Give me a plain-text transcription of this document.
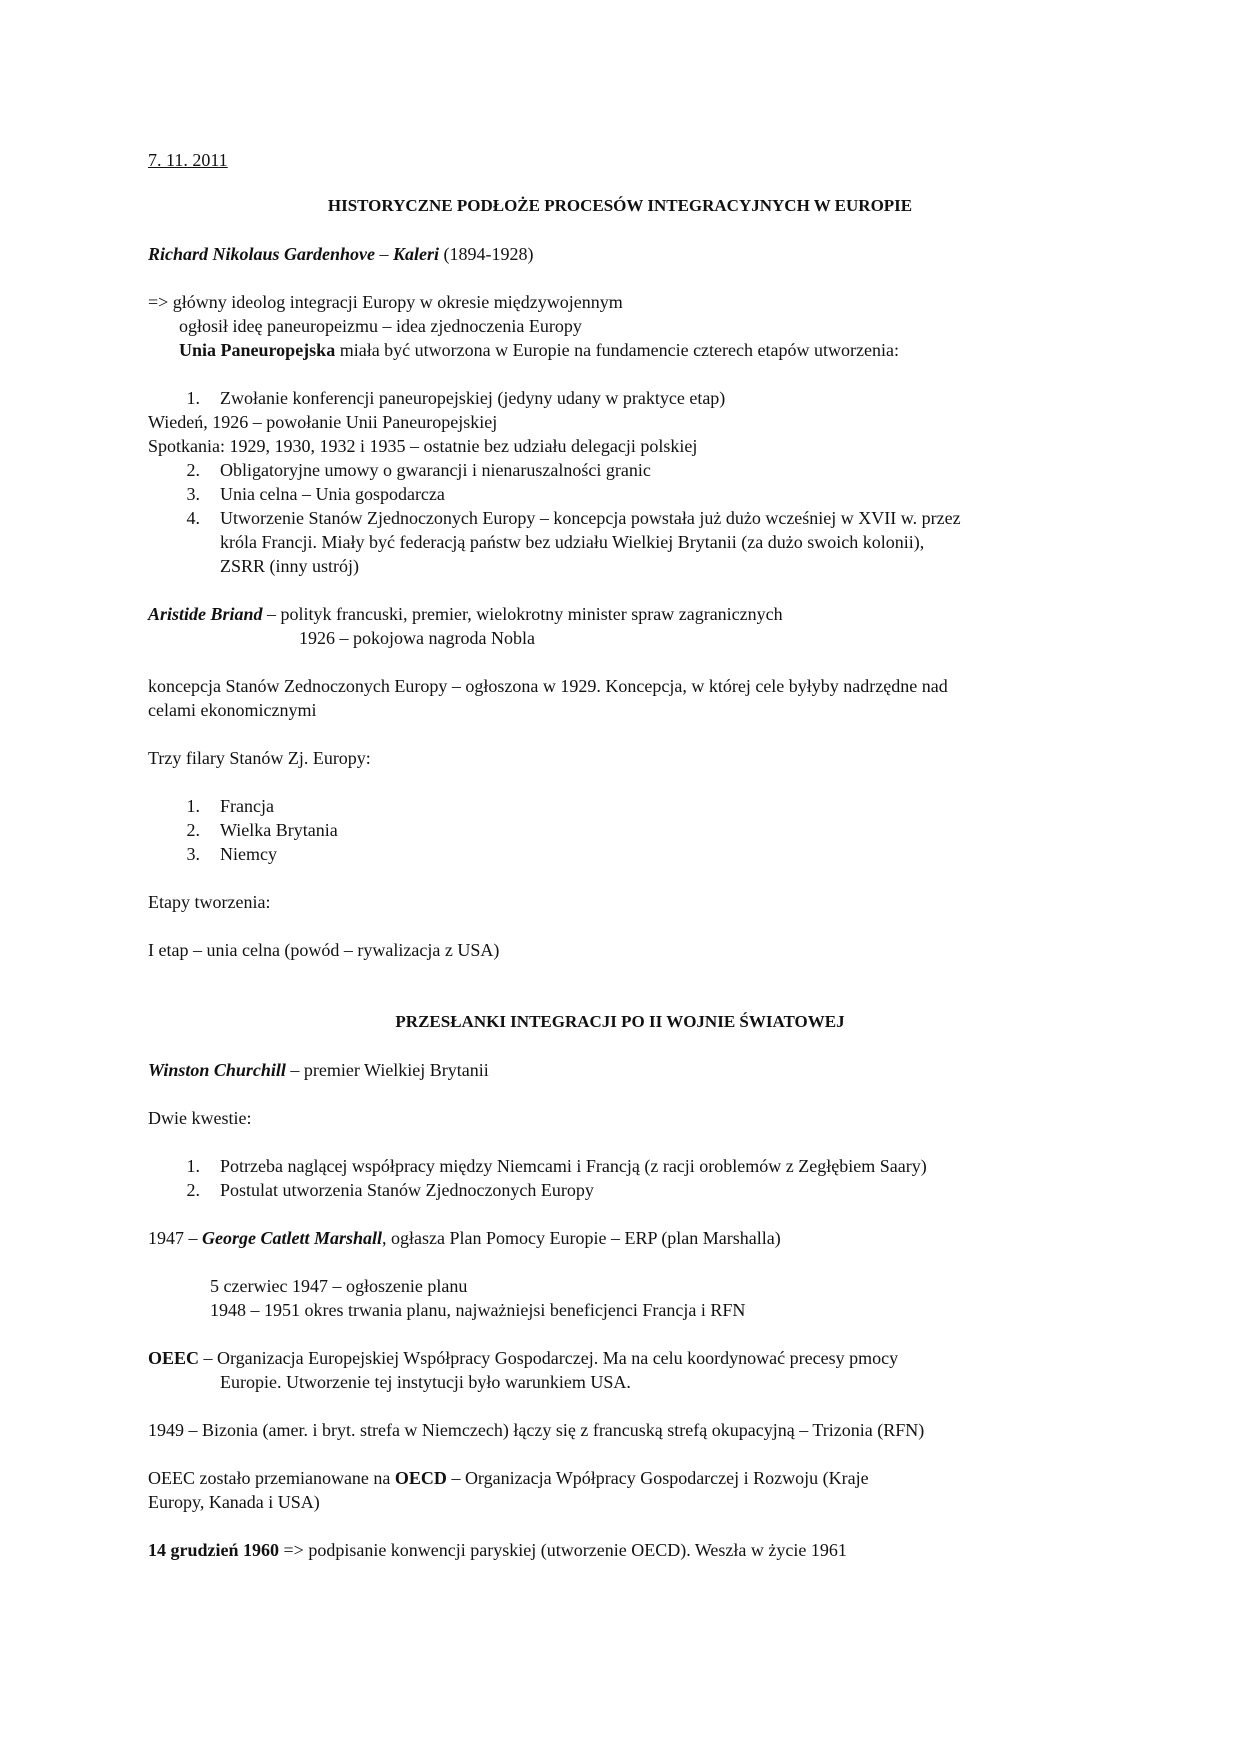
7. 11. 2011
HISTORYCZNE PODŁOŻE PROCESÓW INTEGRACYJNYCH W EUROPIE
Richard Nikolaus Gardenhove – Kaleri (1894-1928)
=> główny ideolog integracji Europy w okresie międzywojennym
ogłosił ideę paneuropeizmu – idea zjednoczenia Europy
Unia Paneuropejska miała być utworzona w Europie na fundamencie czterech etapów utworzenia:
1. Zwołanie konferencji paneuropejskiej (jedyny udany w praktyce etap)
Wiedeń, 1926 – powołanie Unii Paneuropejskiej
Spotkania: 1929, 1930, 1932 i 1935 – ostatnie bez udziału delegacji polskiej
2. Obligatoryjne umowy o gwarancji i nienaruszalności granic
3. Unia celna – Unia gospodarcza
4. Utworzenie Stanów Zjednoczonych Europy – koncepcja powstała już dużo wcześniej w XVII w. przez
króla Francji. Miały być federacją państw bez udziału Wielkiej Brytanii (za dużo swoich kolonii),
ZSRR (inny ustrój)
Aristide Briand – polityk francuski, premier, wielokrotny minister spraw zagranicznych
1926 – pokojowa nagroda Nobla
koncepcja Stanów Zednoczonych Europy – ogłoszona w 1929. Koncepcja, w której cele byłyby nadrzędne nad
celami ekonomicznymi
Trzy filary Stanów Zj. Europy:
1. Francja
2. Wielka Brytania
3. Niemcy
Etapy tworzenia:
I etap – unia celna (powód – rywalizacja z USA)
PRZESŁANKI INTEGRACJI PO II WOJNIE ŚWIATOWEJ
Winston Churchill – premier Wielkiej Brytanii
Dwie kwestie:
1. Potrzeba naglącej współpracy między Niemcami i Francją (z racji oroblemów z Zegłębiem Saary)
2. Postulat utworzenia Stanów Zjednoczonych Europy
1947 – George Catlett Marshall, ogłasza Plan Pomocy Europie – ERP (plan Marshalla)
5 czerwiec 1947 – ogłoszenie planu
1948 – 1951 okres trwania planu, najważniejsi beneficjenci Francja i RFN
OEEC – Organizacja Europejskiej Współpracy Gospodarczej. Ma na celu koordynować precesy pmocy
Europie. Utworzenie tej instytucji było warunkiem USA.
1949 – Bizonia (amer. i bryt. strefa w Niemczech) łączy się z francuską strefą okupacyjną – Trizonia (RFN)
OEEC zostało przemianowane na OECD – Organizacja Wpółpracy Gospodarczej i Rozwoju (Kraje
Europy, Kanada i USA)
14 grudzień 1960 => podpisanie konwencji paryskiej (utworzenie OECD). Weszła w życie 1961
